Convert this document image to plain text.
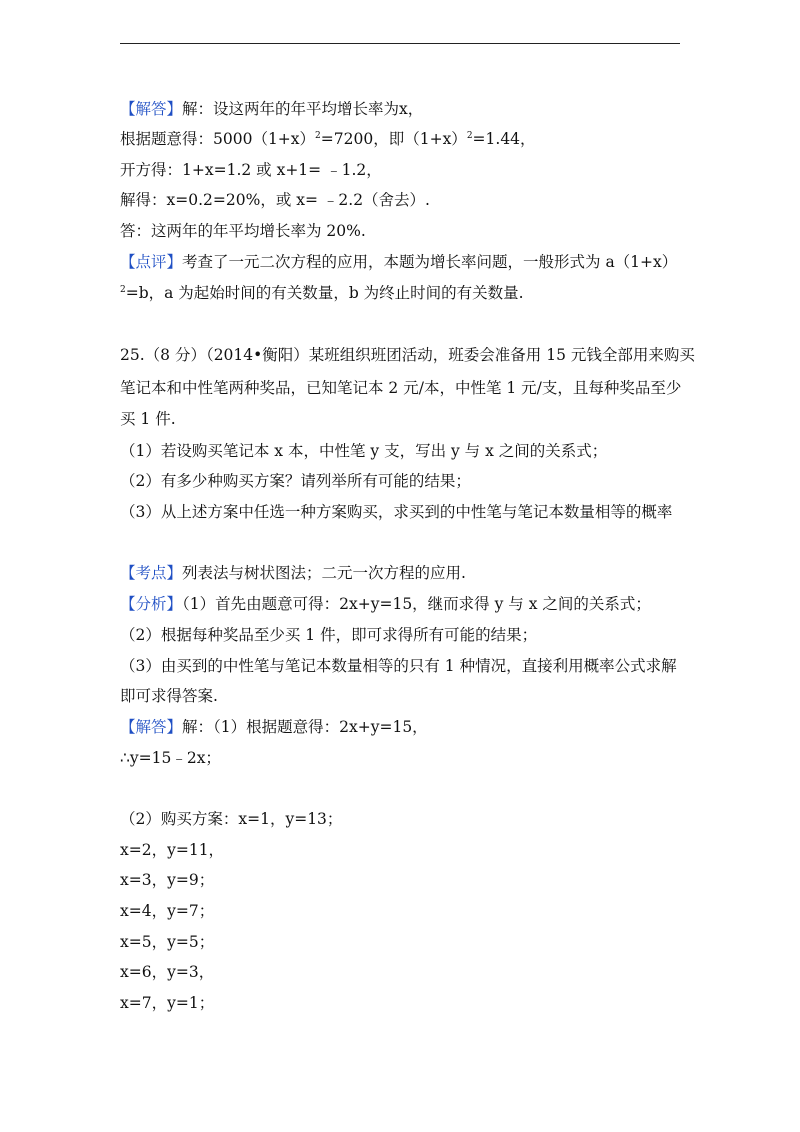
【解答】解：设这两年的年平均增长率为x，
根据题意得：$5000(1+x)^2=7200$，即$(1+x)^2=1.44$，
开方得：1+x=1.2 或 x+1= ﹣1.2，
解得：x=0.2=20%，或 x= ﹣2.2（舍去）.
答：这两年的年平均增长率为 20%.
【点评】考查了一元二次方程的应用，本题为增长率问题，一般形式为 a（1+x）
$^2$=b，a 为起始时间的有关数量，b 为终止时间的有关数量.
25.（8 分）（2014•衡阳）某班组织班团活动，班委会准备用 15 元钱全部用来购买
笔记本和中性笔两种奖品，已知笔记本 2 元/本，中性笔 1 元/支，且每种奖品至少
买 1 件.
（1）若设购买笔记本 x 本，中性笔 y 支，写出 y 与 x 之间的关系式；
（2）有多少种购买方案？请列举所有可能的结果；
（3）从上述方案中任选一种方案购买，求买到的中性笔与笔记本数量相等的概率
【考点】列表法与树状图法；二元一次方程的应用.
【分析】（1）首先由题意可得：2x+y=15，继而求得 y 与 x 之间的关系式；
（2）根据每种奖品至少买 1 件，即可求得所有可能的结果；
（3）由买到的中性笔与笔记本数量相等的只有 1 种情况，直接利用概率公式求解
即可求得答案.
【解答】解：（1）根据题意得：2x+y=15，
∴y=15﹣2x；
（2）购买方案：x=1，y=13；
x=2，y=11，
x=3，y=9；
x=4，y=7；
x=5，y=5；
x=6，y=3，
x=7，y=1；
